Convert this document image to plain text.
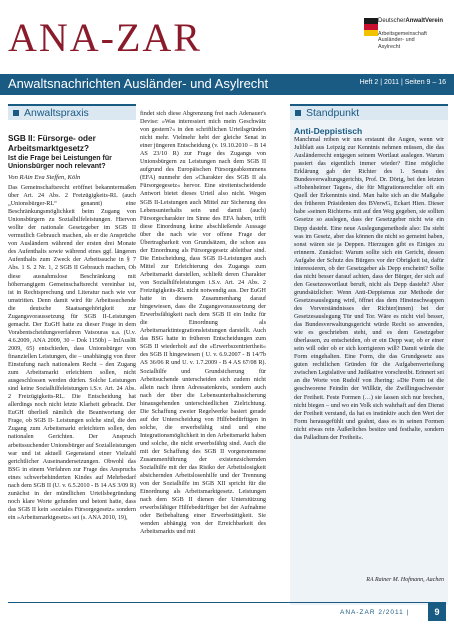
ANA-ZAR	DeutscherAnwaltVerein
Arbeitsgemeinschaft
Ausländer- und
Asylrecht
Anwaltsnachrichten Ausländer- und Asylrecht	Heft 2 | 2011 | Seiten 9 – 16
Anwaltspraxis
SGB II: Fürsorge- oder Arbeitsmarktgesetz?
Ist die Frage bei Leistungen für Unionsbürger noch relevant?
Von RAin Eva Steffen, Köln
Das Gemeinschaftsrecht eröffnet bekanntermaßen über Art. 24 Abs. 2 Freizügigkeits-RL (auch „Unionsbürger-RL“ genannt) eine Beschränkungsmöglichkeit beim Zugang von Unionsbürgern zu Sozialhilfeleistungen. Hiervon wollte der nationale Gesetzgeber im SGB II vermutlich Gebrauch machen, als er die Ansprüche von Ausländern während der ersten drei Monate des Aufenthalts sowie während eines ggf. längeren Aufenthalts zum Zweck der Arbeitssuche in § 7 Abs. 1 S. 2 Nr. 1, 2 SGB II Gebrauch machen, Ob diese ausnahmslose Beschränkung mit höherrangigem Gemeinschaftsrecht vereinbar ist, ist in Rechtsprechung und Literatur nach wie vor umstritten. Denn damit wird für Arbeitssuchende die deutsche Staatsangehörigkeit zur Zugangsvoraussetzung für SGB II-Leistungen gemacht. Der EuGH hatte zu dieser Frage in dem Vorabentscheidungsverfahren Vatsouras u.a. (U.v. 4.6.2009, ANA 2009, 30 – Dok 1150b) – InfAuslR 2009, 65) entschieden, dass Unionsbürger von finanziellen Leistungen, die – unabhängig von ihrer Einstufung nach nationalem Recht – den Zugang zum Arbeitsmarkt erleichtern sollen, nicht ausgeschlossen werden dürfen. Solche Leistungen sind keine Sozialhilfeleistungen i.S.v. Art. 24 Abs. 2 Freizügigkeits-RL. Die Entscheidung hat allerdings noch nicht letzte Klarheit gebracht. Der EuGH überließ nämlich die Beantwortung der Frage, ob SGB II- Leistungen solche sind, die den Zugang zum Arbeitsmarkt erleichtern sollen, den nationalen Gerichten. Der Anspruch arbeitssuchender Unionsbürger auf Sozialleistungen war und ist aktuell Gegenstand einer Vielzahl gerichtlicher Auseinandersetzungen. Obwohl das BSG in einem Verfahren zur Frage des Anspruchs eines schwerbehinderten Kindes auf Mehrbedarf nach dem SGB II (U. v. 6.5.2010 - B 14 AS 3/09 R) zunächst in der mündlichen Urteilsbegründung noch klare Worte gefunden und betont hatte, dass das SGB II kein »soziales Fürsorgegesetz« sondern ein »Arbeitsmarktgesetz« sei (s. ANA 2010, 19),
findet sich diese Abgrenzung frei nach Adenauer's Devise: »Was interessiert mich mein Geschwätz von gestern?« in den schriftlichen Urteilsgründen nicht mehr. Vielmehr hebt der gleiche Senat in einer jüngeren Entscheidung (v. 19.10.2010 – B 14 AS 23/10 R) zur Frage des Zugangs von Unionsbürgern zu Leistungen nach dem SGB II aufgrund des Europäischen Fürsorgeabkommens (EFA) nunmehr den »Charakter des SGB II als Fürsorgegesetz« hervor. Eine streitentscheidende Antwort bietet dieses Urteil also nicht. Wegen SGB II-Leistungen auch Mittel zur Sicherung des Lebensunterhalts sein und damit (auch) Fürsorgecharakter im Sinne des EFA haben, trifft diese Einordnung keine abschließende Aussage über die nach wie vor offene Frage der Übertragbarkeit von Grundsätzen, die schon aus der Einordnung als Fürsorgegesetz ableitbar sind. Die Entscheidung, dass SGB II-Leistungen auch Mittel zur Erleichterung des Zugangs zum Arbeitsmarkt darstellen, schließt deren Charakter von Sozialhilfeleistungen i.S.v. Art. 24 Abs. 2 Freizügigkeits-RL nicht notwendig aus. Der EuGH hatte in diesem Zusammenhang darauf hingewiesen, dass die Zugangsvoraussetzung der Erwerbsfähigkeit nach dem SGB II ein Indiz für die Einordnung als Arbeitsmarktintegrationsleistungen darstellt. Auch das BSG hatte in früheren Entscheidungen zum SGB II wiederholt auf die »Erwerbszentriertheit« des SGB II hingewiesen ( U. v. 6.9.2007 - B 14/7b AS 36/06 R und U. v. 1.7.2009 - B 4 AS 67/08 R). Sozialhilfe und Grundsicherung für Arbeitsuchende unterscheiden sich zudem nicht allein nach ihren Adressatenkreis, sondern auch nach der über die Lebensunterhaltssicherung hinausgehenden unterschiedlichen Zielrichtung. Die Schaffung zweier Regelwerke basiert gerade auf der Unterscheidung von Hilfebedürftigen in solche, die erwerbsfähig sind und eine Integrationsmöglichkeit in den Arbeitsmarkt haben und solche, die nicht erwerbsfähig sind. Auch die mit der Schaffung des SGB II vorgenommene Zusammenführung der existenzsichernden Sozialhilfe mit der das Risiko der Arbeitslosigkeit absichernden Arbeitslosenhilfe und der Trennung von der Sozialhilfe im SGB XII spricht für die Einordnung als Arbeitsmarktgesetz. Leistungen nach dem SGB II dienen der Unterstützung erwerbsfähiger Hilfebedürftiger bei der Aufnahme oder Beibehaltung einer Erwerbstätigkeit. Sie wenden abhängig von der Erreichbarkeit des Arbeitsmarkts und mit
Standpunkt
Anti-Deppistisch
Manchmal reiben wir uns erstaunt die Augen, wenn wir Juliblatt aus Leipzig zur Kenntnis nehmen müssen, die das Ausländerrecht entgegen seinem Wortlaut auslegen. Warum passiert das eigentlich immer wieder? Eine mögliche Erklärung gab der Richter des 1. Senats des Bundesverwaltungsgerichts, Prof. Dr. Dörig, bei den letzten »Hohenheimer Tagen«, die für Migrationsrechtler oft ein Quell der Erkenntnis sind. Man halte sich an die Maßgabe des früheren Präsidenten des BVerwG, Eckart Hien. Dieser habe »seinen Richtern« mit auf den Weg gegeben, sie sollten Gesetze so auslegen, dass der Gesetzgeber nicht wie ein Depp dasteht. Eine neue Auslegungsmethode also: Da steht was im Gesetz, aber das können die nicht so gemeint haben, sonst wären sie ja Deppen. Hierzugen gibt es Einiges zu erinnern. Zunächst: Warum sollte sich ein Gericht, dessen Aufgabe der Schutz des Bürgers vor der Obrigkeit ist, dafür interessieren, ob der Gesetzgeber als Depp erscheint? Sollte das nicht besser darauf achten, dass der Bürger, der sich auf den Gesetzeswortlaut beruft, nicht als Depp dasteht? Aber grundsätzlicher: Wenn Anti-Deppismus zur Methode der Gesetzesauslegung wird, öffnet das dem Hineinschwappen des Vorverständnisses der Richter(innen) bei der Gesetzesauslegung Tür und Tor. Wäre es nicht viel besser, das Bundesverwaltungsgericht würde Recht so anwenden, wie es geschrieben steht, und es dem Gesetzgeber überlassen, zu entscheiden, ob er ein Depp war, ob er einer sein will oder ob er sich korrigieren will? Damit würde die Form eingehalten. Eine Form, die das Grundgesetz aus guten rechtlichen Gründen für die Aufgabenverteilung zwischen Legislative und Judikative vorschreibt. Erinnert sei an die Worte von Rudolf von Jhering: »Die Form ist die geschworene Feindin der Willkür, die Zwillingsschwester der Freiheit. Feste Formen (…) sie lassen sich nur brechen, nicht biegen – und wo ein Volk sich wahrhaft auf den Dienst der Freiheit verstand, da hat es instinktiv auch den Wert der Form herausgefühlt und geahnt, dass es in seinen Formen nicht etwas rein Äußerliches besitze und festhalte, sondern das Palladium der Freiheit«.
RA Rainer M. Hofmann, Aachen
ANA-ZAR 2/2011 |	9
